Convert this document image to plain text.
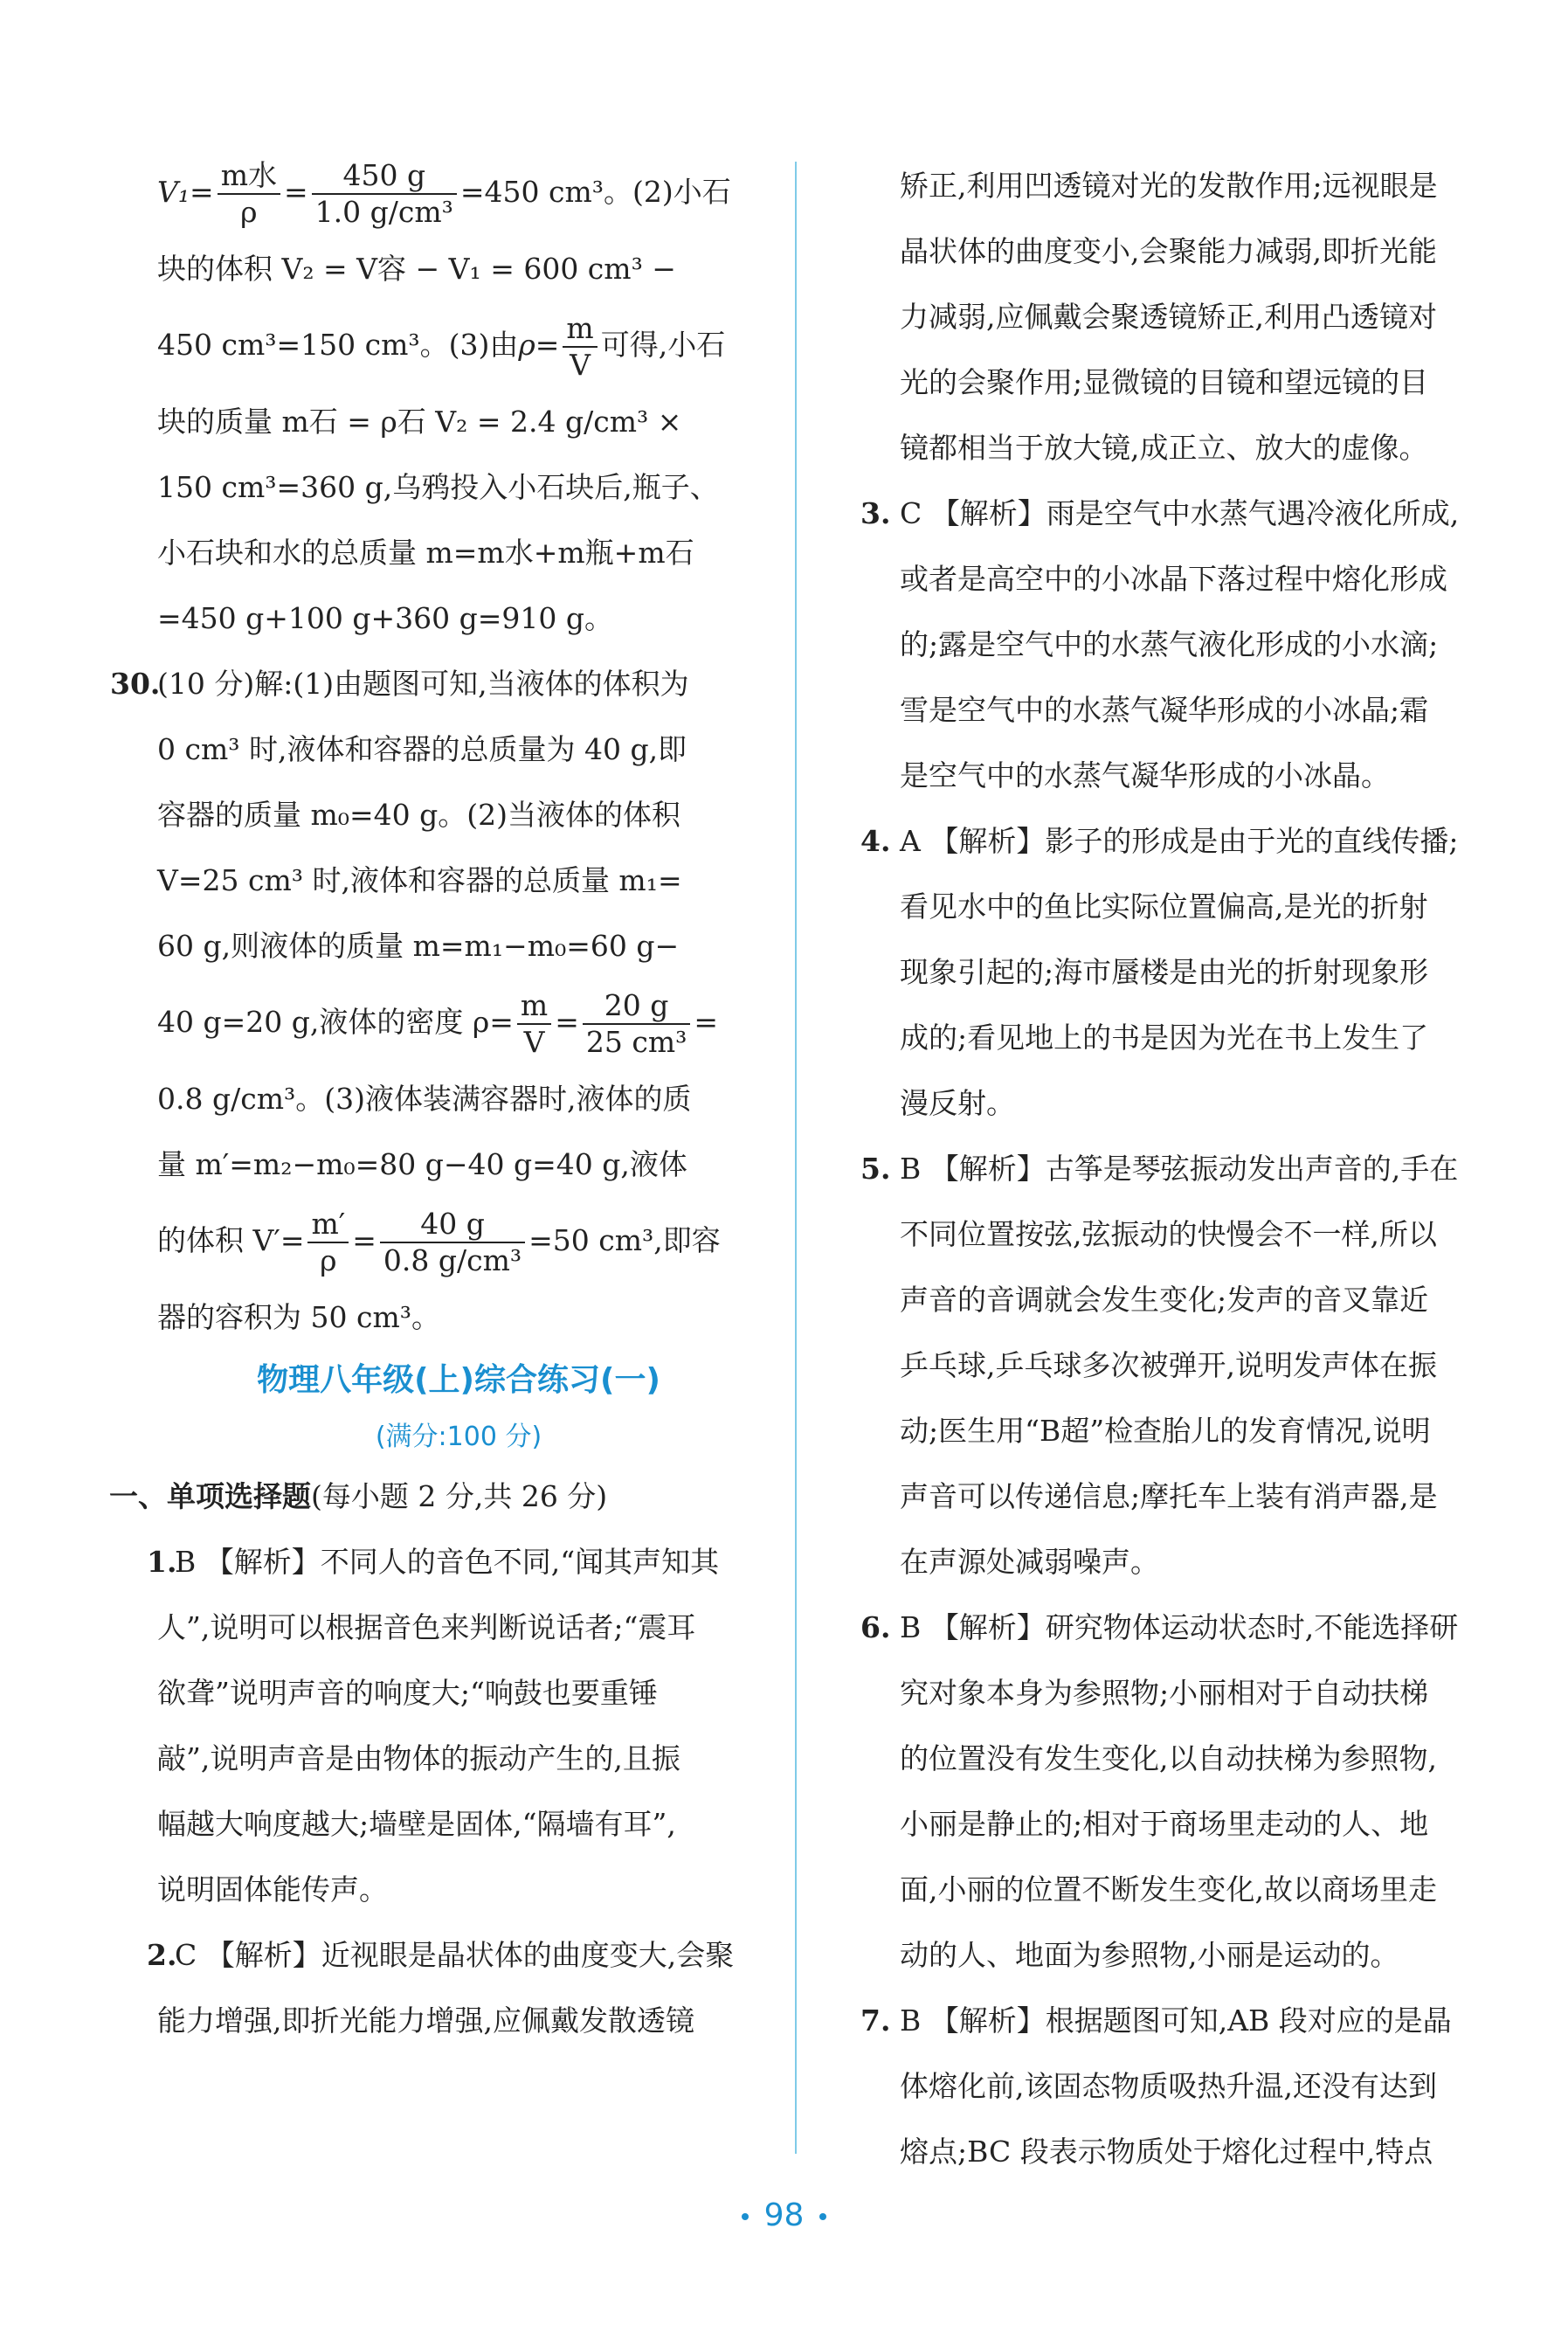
$V_1= \frac{\text{m水}}{\rho} = \frac{450 g}{\text{1.0 g/cm³}} =450$ cm³。(2)小石
块的体积 V₂ = V容 − V₁ = 600 cm³ −
450 cm³=150 cm³。(3)由$\rho= \frac{m}{V}$ 可得,小石
块的质量 m石 = ρ石 V₂ = 2.4 g/cm³ ×
150 cm³=360 g,乌鸦投入小石块后,瓶子、
小石块和水的总质量 m=m水+m瓶+m石
=450 g+100 g+360 g=910 g。
30.(10 分)解:(1)由题图可知,当液体的体积为
0 cm³ 时,液体和容器的总质量为 40 g,即
容器的质量 m₀=40 g。(2)当液体的体积
V=25 cm³ 时,液体和容器的总质量 m₁=
60 g,则液体的质量 m=m₁−m₀=60 g−
40 g=20 g,液体的密度 $\rho= \frac{m}{V} = \frac{20 g}{\text{25 cm³}}$ =
0.8 g/cm³。(3)液体装满容器时,液体的质
量 m′=m₂−m₀=80 g−40 g=40 g,液体
的体积 $V'= \frac{m'}{\rho} = \frac{40 g}{\text{0.8 g/cm³}} =50$ cm³,即容
器的容积为 50 cm³。
物理八年级(上)综合练习(一)
(满分:100 分)
一、单项选择题(每小题 2 分,共 26 分)
1.B 【解析】不同人的音色不同,“闻其声知其
人”,说明可以根据音色来判断说话者;“震耳
欲聋”说明声音的响度大;“响鼓也要重锤
敲”,说明声音是由物体的振动产生的,且振
幅越大响度越大;墙壁是固体,“隔墙有耳”,
说明固体能传声。
2.C 【解析】近视眼是晶状体的曲度变大,会聚
能力增强,即折光能力增强,应佩戴发散透镜
矫正,利用凹透镜对光的发散作用;远视眼是
晶状体的曲度变小,会聚能力减弱,即折光能
力减弱,应佩戴会聚透镜矫正,利用凸透镜对
光的会聚作用;显微镜的目镜和望远镜的目
镜都相当于放大镜,成正立、放大的虚像。
3. C 【解析】雨是空气中水蒸气遇冷液化所成,
或者是高空中的小冰晶下落过程中熔化形成
的;露是空气中的水蒸气液化形成的小水滴;
雪是空气中的水蒸气凝华形成的小冰晶;霜
是空气中的水蒸气凝华形成的小冰晶。
4. A 【解析】影子的形成是由于光的直线传播;
看见水中的鱼比实际位置偏高,是光的折射
现象引起的;海市蜃楼是由光的折射现象形
成的;看见地上的书是因为光在书上发生了
漫反射。
5. B 【解析】古筝是琴弦振动发出声音的,手在
不同位置按弦,弦振动的快慢会不一样,所以
声音的音调就会发生变化;发声的音叉靠近
乒乓球,乒乓球多次被弹开,说明发声体在振
动;医生用“B超”检查胎儿的发育情况,说明
声音可以传递信息;摩托车上装有消声器,是
在声源处减弱噪声。
6. B 【解析】研究物体运动状态时,不能选择研
究对象本身为参照物;小丽相对于自动扶梯
的位置没有发生变化,以自动扶梯为参照物,
小丽是静止的;相对于商场里走动的人、地
面,小丽的位置不断发生变化,故以商场里走
动的人、地面为参照物,小丽是运动的。
7. B 【解析】根据题图可知,AB 段对应的是晶
体熔化前,该固态物质吸热升温,还没有达到
熔点;BC 段表示物质处于熔化过程中,特点
98
